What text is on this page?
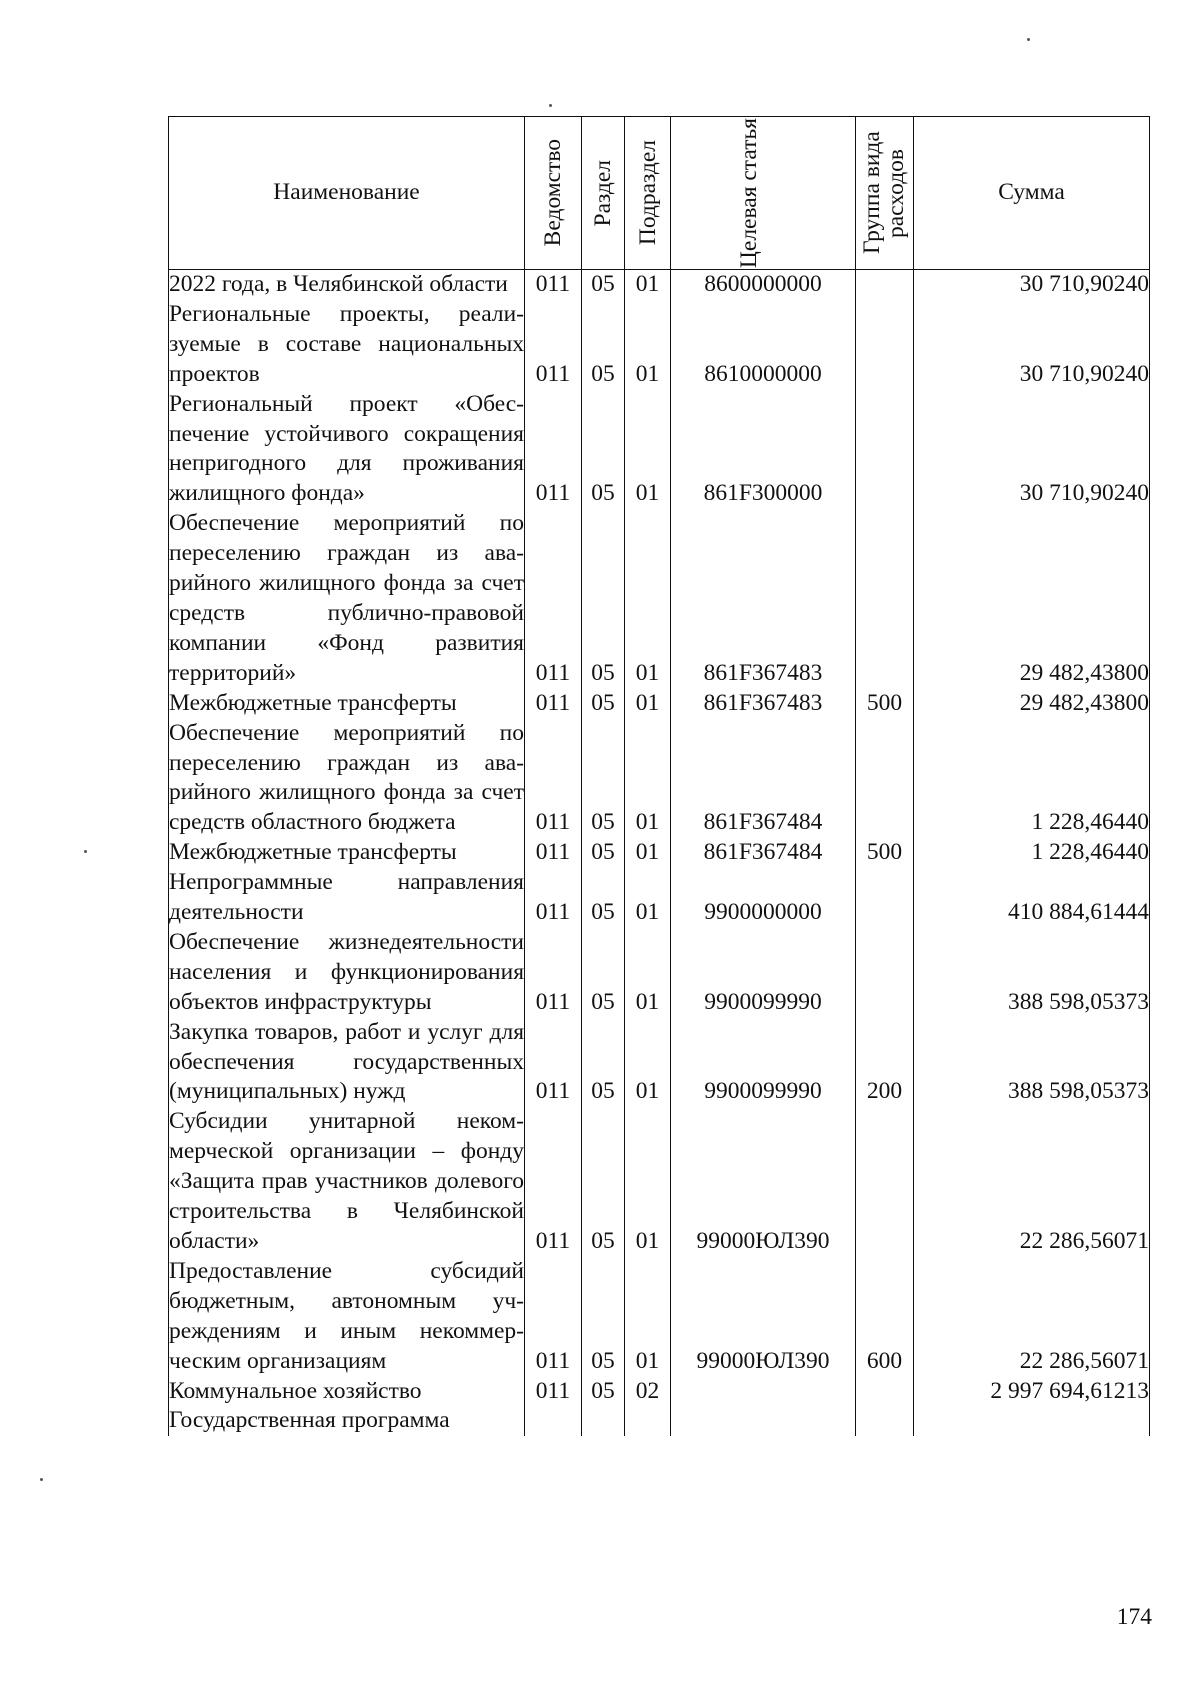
Наименование	Ведомство	Раздел	Подраздел	Целевая статья	Группа вида расходов	Сумма
2022 года, в Челябинской области	011	05	01	8600000000		30 710,90240
Региональные проекты, реализуемые в составе национальных проектов	011	05	01	8610000000		30 710,90240
Региональный проект «Обеспечение устойчивого сокращения непригодного для проживания жилищного фонда»	011	05	01	861F300000		30 710,90240
Обеспечение мероприятий по переселению граждан из аварийного жилищного фонда за счет средств публично-правовой компании «Фонд развития территорий»	011	05	01	861F367483		29 482,43800
Межбюджетные трансферты	011	05	01	861F367483	500	29 482,43800
Обеспечение мероприятий по переселению граждан из аварийного жилищного фонда за счет средств областного бюджета	011	05	01	861F367484		1 228,46440
Межбюджетные трансферты	011	05	01	861F367484	500	1 228,46440
Непрограммные направления деятельности	011	05	01	9900000000		410 884,61444
Обеспечение жизнедеятельности населения и функционирования объектов инфраструктуры	011	05	01	9900099990		388 598,05373
Закупка товаров, работ и услуг для обеспечения государственных (муниципальных) нужд	011	05	01	9900099990	200	388 598,05373
Субсидии унитарной некоммерческой организации – фонду «Защита прав участников долевого строительства в Челябинской области»	011	05	01	99000ЮЛ390		22 286,56071
Предоставление субсидий бюджетным, автономным учреждениям и иным некоммерческим организациям	011	05	01	99000ЮЛ390	600	22 286,56071
Коммунальное хозяйство	011	05	02			2 997 694,61213
Государственная программа						
174
